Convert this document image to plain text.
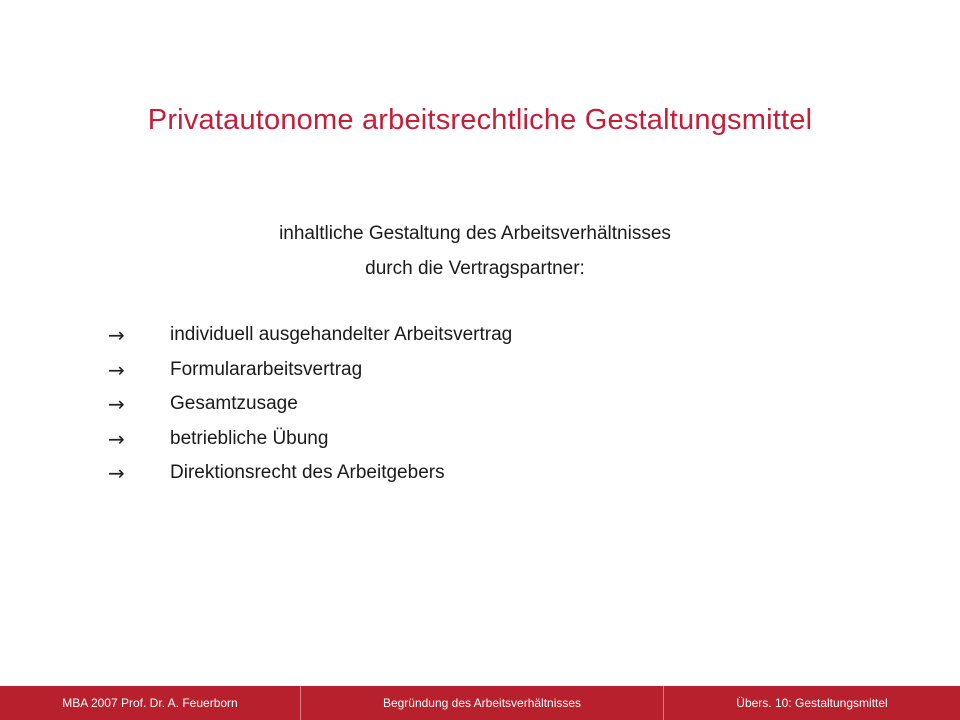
Privatautonome arbeitsrechtliche Gestaltungsmittel
inhaltliche Gestaltung des Arbeitsverhältnisses
durch die Vertragspartner:
→	individuell ausgehandelter Arbeitsvertrag
→	Formulararbeitsvertrag
→	Gesamtzusage
→	betriebliche Übung
→	Direktionsrecht des Arbeitgebers
MBA 2007 Prof. Dr. A. Feuerborn	Begründung des Arbeitsverhältnisses	Übers. 10: Gestaltungsmittel
